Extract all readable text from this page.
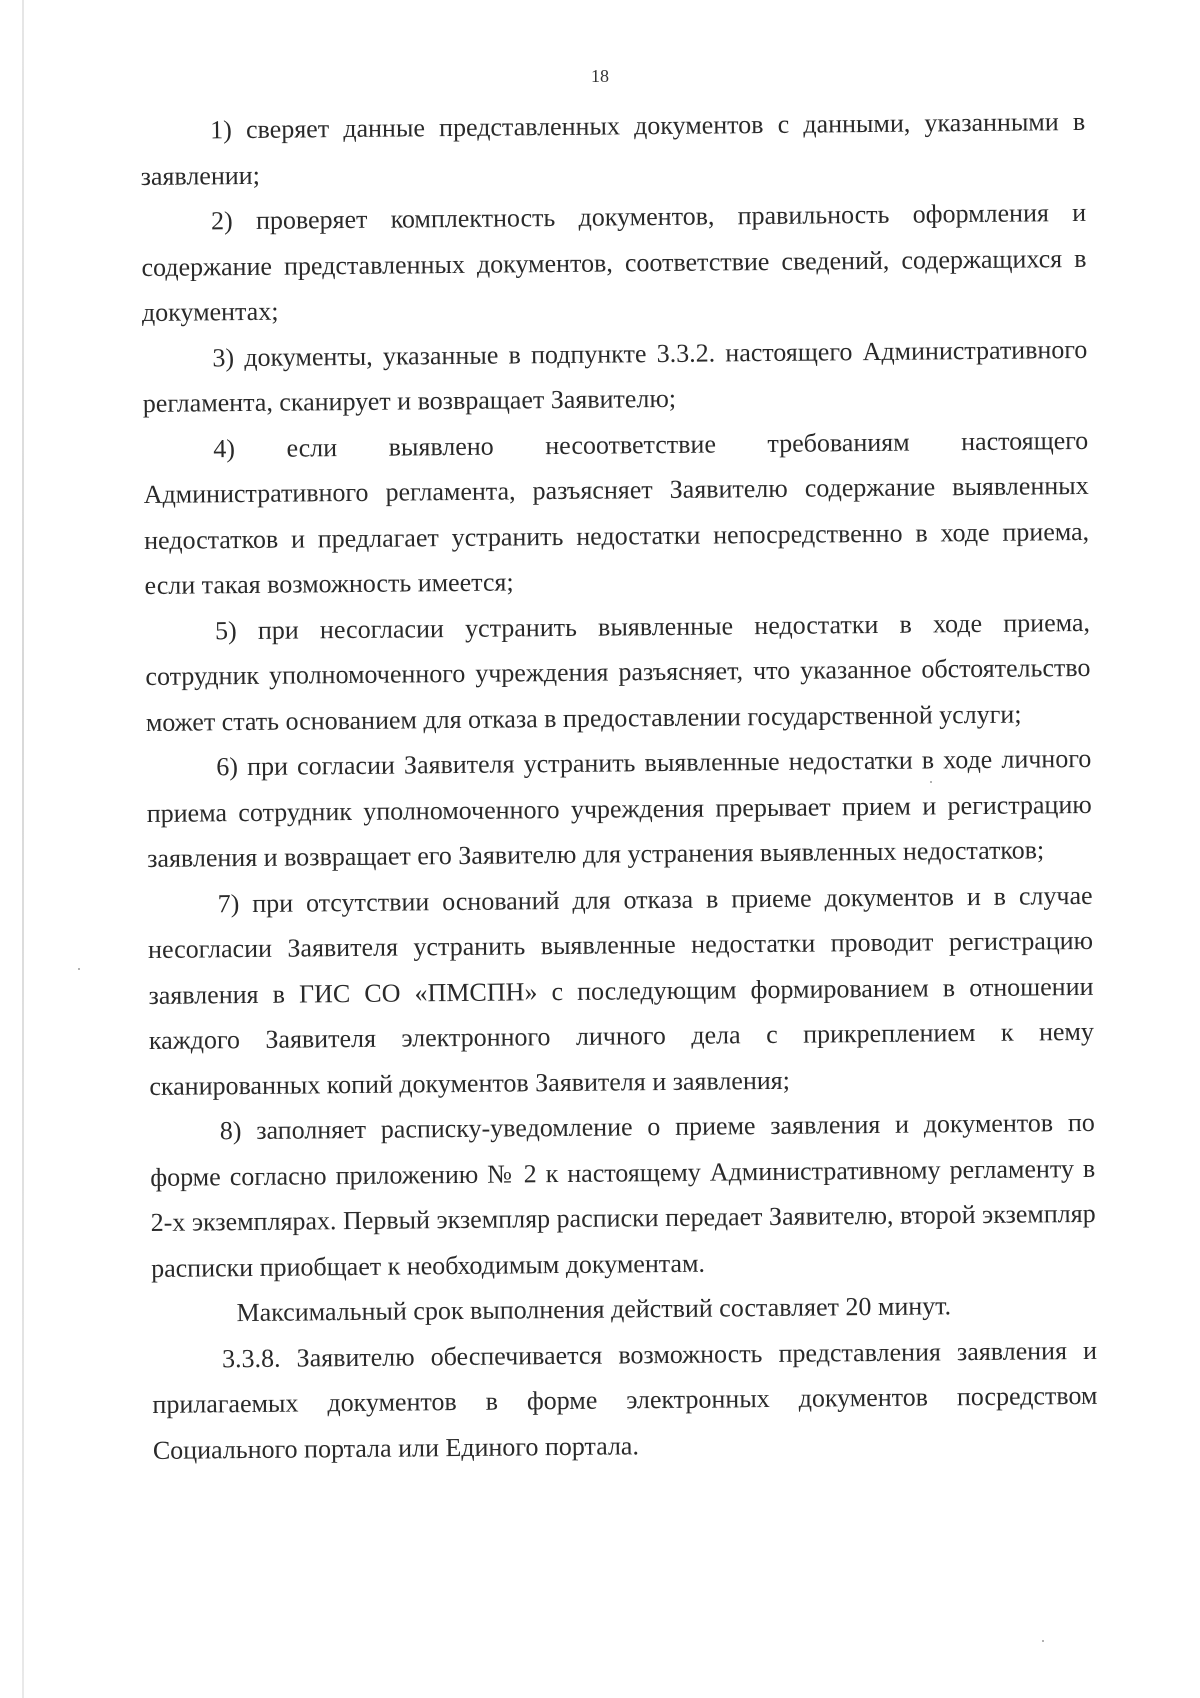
18

1) сверяет данные представленных документов с данными, указанными в заявлении;

2) проверяет комплектность документов, правильность оформления и содержание представленных документов, соответствие сведений, содержащихся в документах;

3) документы, указанные в подпункте 3.3.2. настоящего Административного регламента, сканирует и возвращает Заявителю;

4) если выявлено несоответствие требованиям настоящего Административного регламента, разъясняет Заявителю содержание выявленных недостатков и предлагает устранить недостатки непосредственно в ходе приема, если такая возможность имеется;

5) при несогласии устранить выявленные недостатки в ходе приема, сотрудник уполномоченного учреждения разъясняет, что указанное обстоятельство может стать основанием для отказа в предоставлении государственной услуги;

6) при согласии Заявителя устранить выявленные недостатки в ходе личного приема сотрудник уполномоченного учреждения прерывает прием и регистрацию заявления и возвращает его Заявителю для устранения выявленных недостатков;

7) при отсутствии оснований для отказа в приеме документов и в случае несогласии Заявителя устранить выявленные недостатки проводит регистрацию заявления в ГИС СО «ПМСПН» с последующим формированием в отношении каждого Заявителя электронного личного дела с прикреплением к нему сканированных копий документов Заявителя и заявления;

8) заполняет расписку-уведомление о приеме заявления и документов по форме согласно приложению № 2 к настоящему Административному регламенту в 2-х экземплярах. Первый экземпляр расписки передает Заявителю, второй экземпляр расписки приобщает к необходимым документам.

Максимальный срок выполнения действий составляет 20 минут.

3.3.8. Заявителю обеспечивается возможность представления заявления и прилагаемых документов в форме электронных документов посредством Социального портала или Единого портала.
